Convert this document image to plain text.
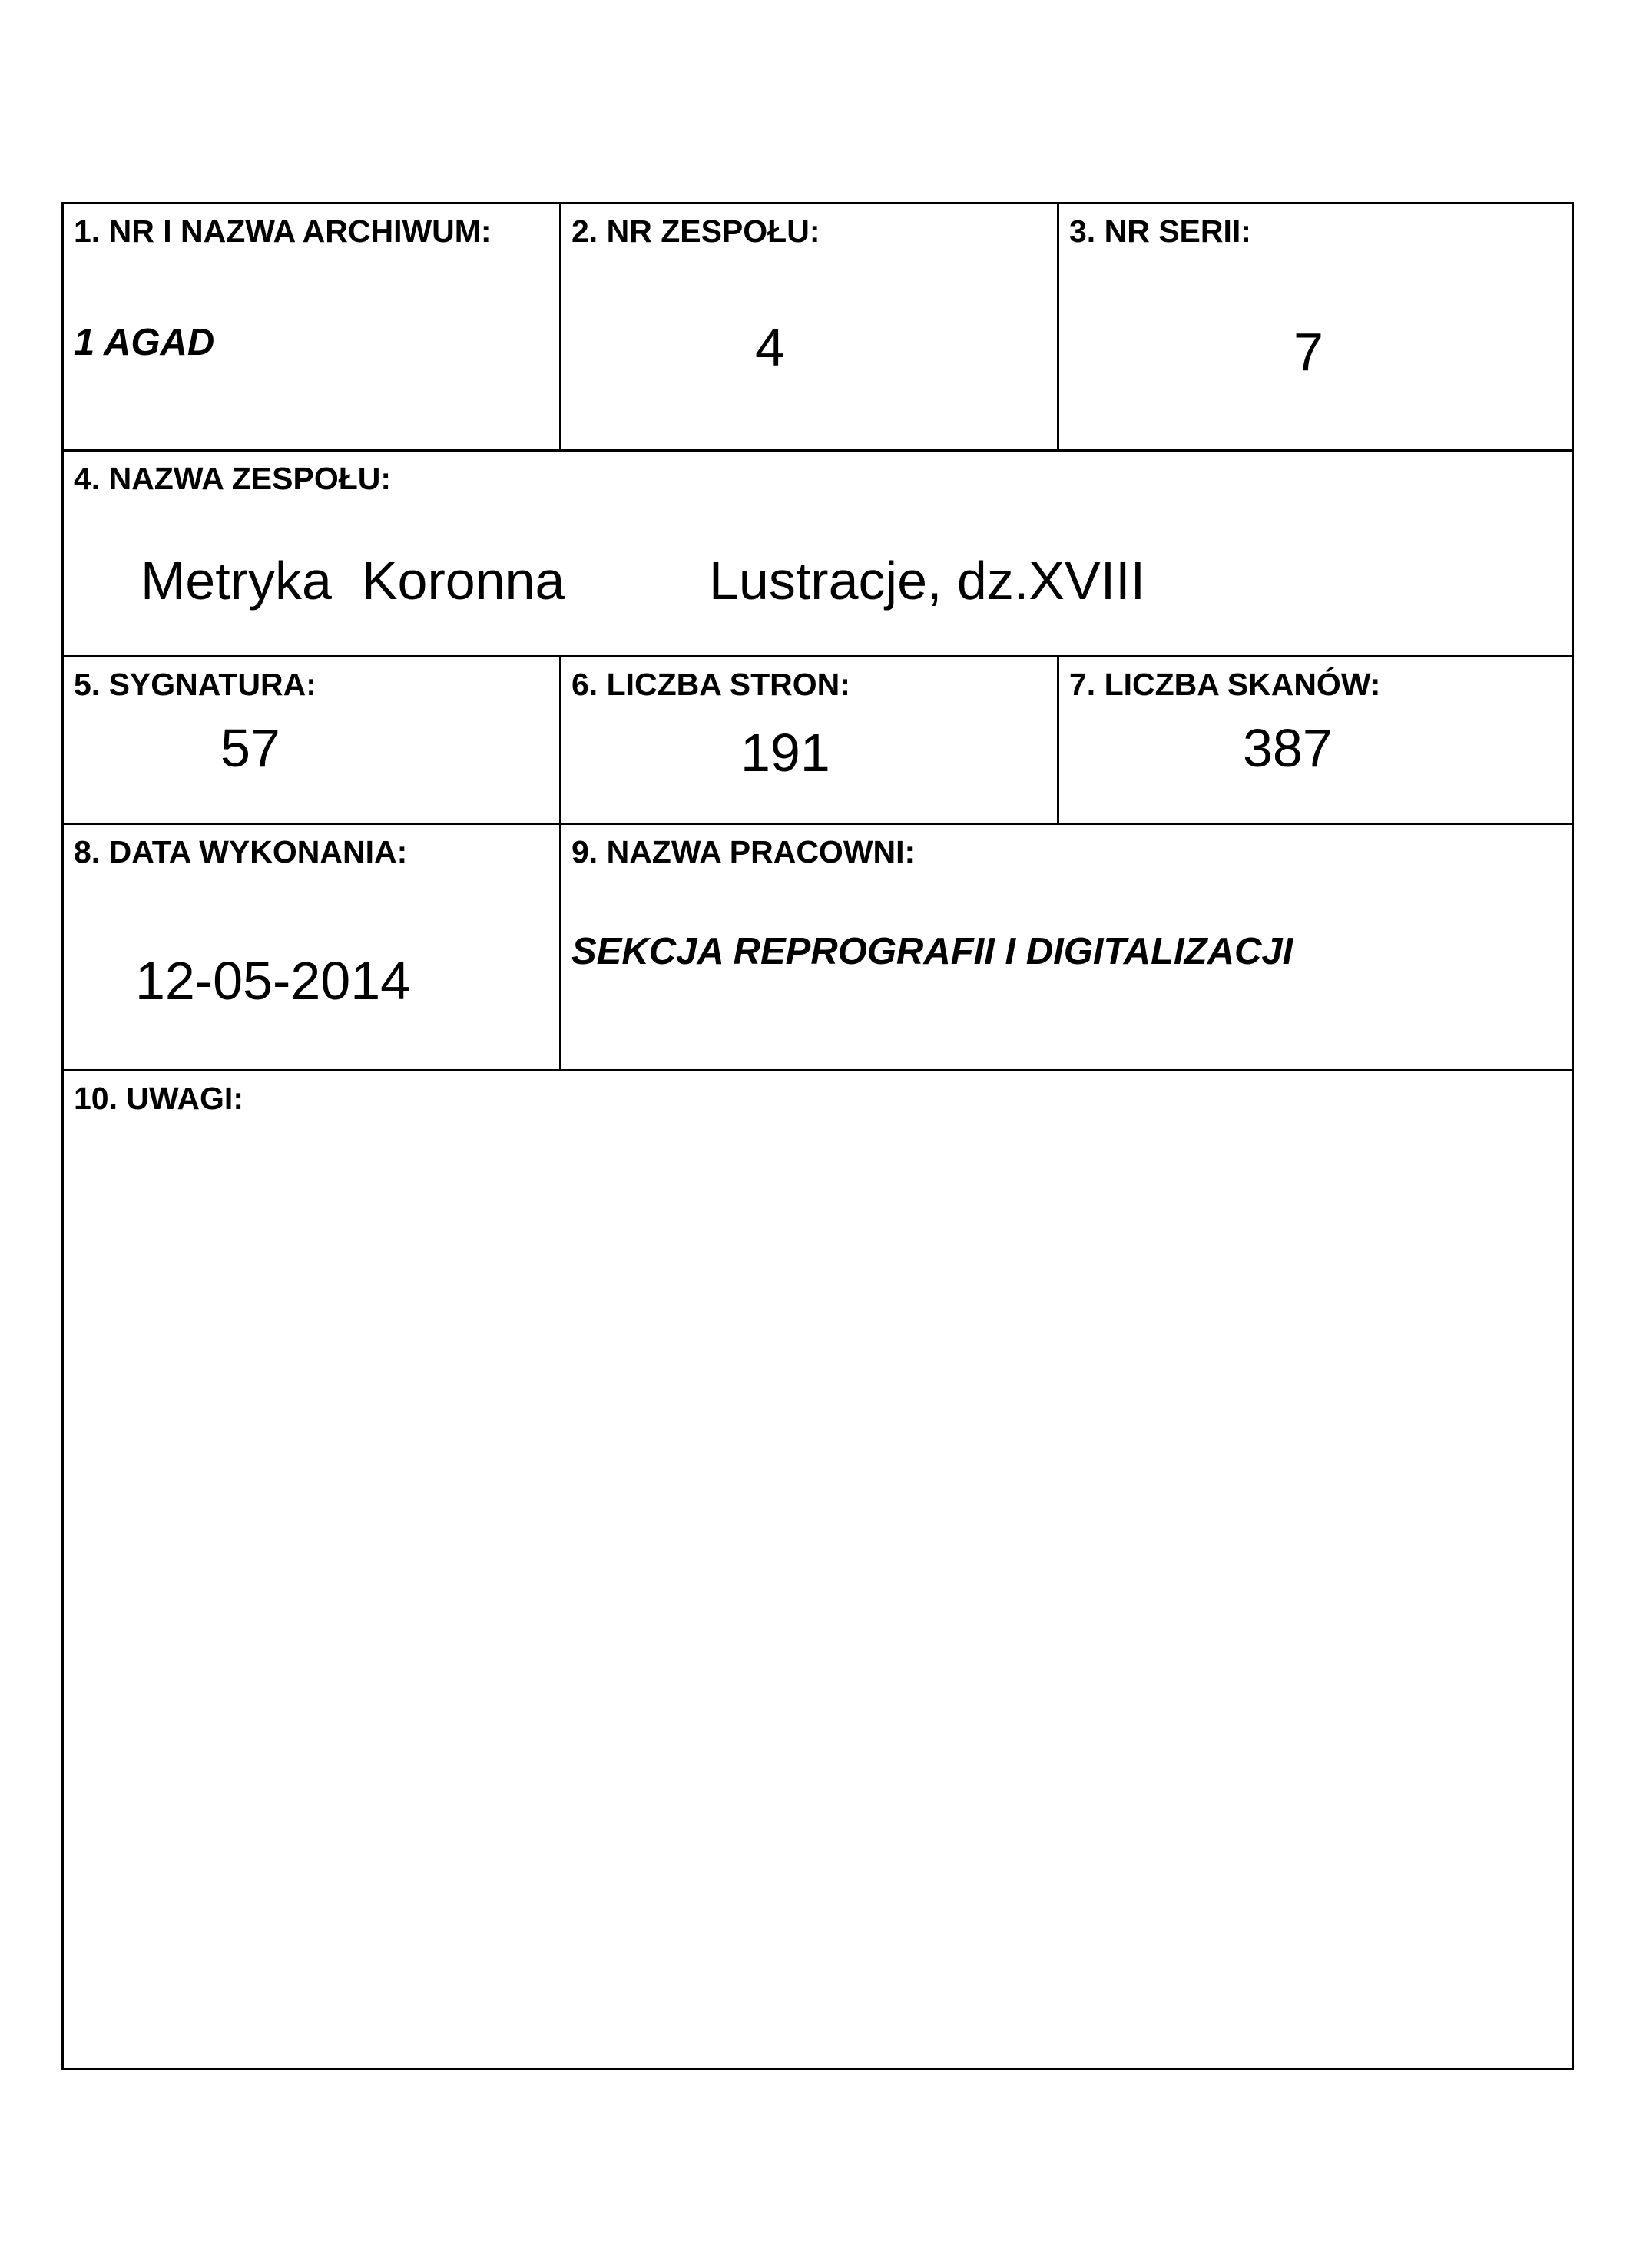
1. NR I NAZWA ARCHIWUM:
1 AGAD
2. NR ZESPOŁU:
4
3. NR SERII:
7
4. NAZWA ZESPOŁU:
Metryka  Koronna	Lustracje, dz.XVIII
5. SYGNATURA:
57
6. LICZBA STRON:
191
7. LICZBA SKANÓW:
387
8. DATA WYKONANIA:
12-05-2014
9. NAZWA PRACOWNI:
SEKCJA REPROGRAFII I DIGITALIZACJI
10. UWAGI:
